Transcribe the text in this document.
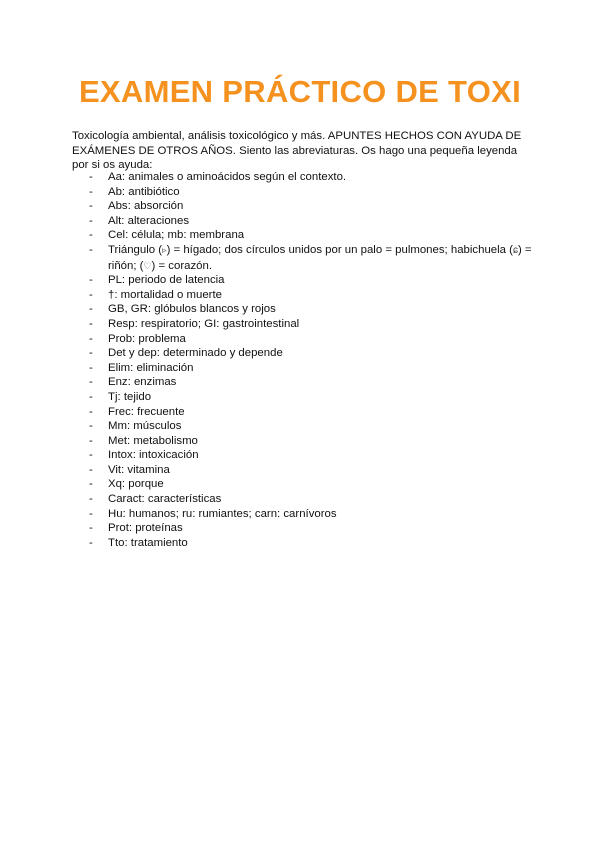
EXAMEN PRÁCTICO DE TOXI

Toxicología ambiental, análisis toxicológico y más. APUNTES HECHOS CON AYUDA DE EXÁMENES DE OTROS AÑOS. Siento las abreviaturas. Os hago una pequeña leyenda por si os ayuda:

- Aa: animales o aminoácidos según el contexto.
- Ab: antibiótico
- Abs: absorción
- Alt: alteraciones
- Cel: célula; mb: membrana
- Triángulo (▹) = hígado; dos círculos unidos por un palo = pulmones; habichuela (ɕ) = riñón; (♡) = corazón.
- PL: periodo de latencia
- †: mortalidad o muerte
- GB, GR: glóbulos blancos y rojos
- Resp: respiratorio; GI: gastrointestinal
- Prob: problema
- Det y dep: determinado y depende
- Elim: eliminación
- Enz: enzimas
- Tj: tejido
- Frec: frecuente
- Mm: músculos
- Met: metabolismo
- Intox: intoxicación
- Vit: vitamina
- Xq: porque
- Caract: características
- Hu: humanos; ru: rumiantes; carn: carnívoros
- Prot: proteínas
- Tto: tratamiento
